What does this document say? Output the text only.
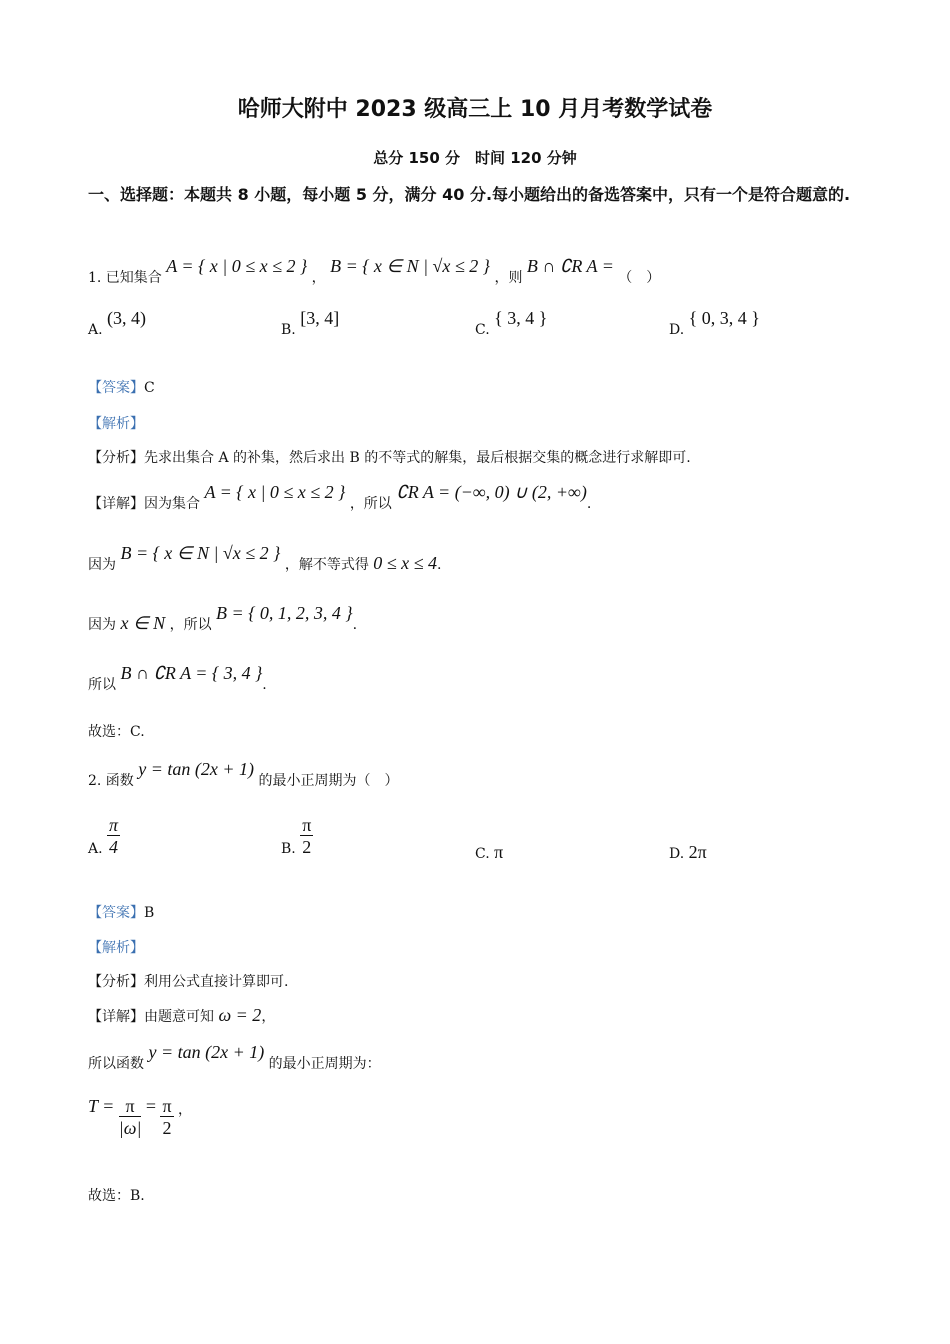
哈师大附中 2023 级高三上 10 月月考数学试卷
总分 150 分　时间 120 分钟
一、选择题：本题共 8 小题，每小题 5 分，满分 40 分.每小题给出的备选答案中，只有一个是符合题意的.
1. 已知集合 A = { x | 0 ≤ x ≤ 2 } ， B = { x ∈ N | √x ≤ 2 } ，则 B ∩ ∁R A = （　）
A. (3, 4)
B. [3, 4]
C. { 3, 4 }
D. { 0, 3, 4 }
【答案】C
【解析】
【分析】先求出集合 A 的补集，然后求出 B 的不等式的解集，最后根据交集的概念进行求解即可.
【详解】因为集合 A = { x | 0 ≤ x ≤ 2 } ，所以 ∁R A = (−∞, 0) ∪ (2, +∞).
因为 B = { x ∈ N | √x ≤ 2 } ，解不等式得 0 ≤ x ≤ 4.
因为 x ∈ N ，所以 B = { 0, 1, 2, 3, 4 }.
所以 B ∩ ∁R A = { 3, 4 }.
故选：C.
2. 函数 y = tan (2x + 1) 的最小正周期为（　）
A. $\frac{\pi}{4}$	B. $\frac{\pi}{2}$	C. π	D. 2π
【答案】B
【解析】
【分析】利用公式直接计算即可.
【详解】由题意可知 ω = 2，
所以函数 y = tan (2x + 1) 的最小正周期为：
$T = \frac{\pi}{|\omega|} = \frac{\pi}{2}$ ，
故选：B.
